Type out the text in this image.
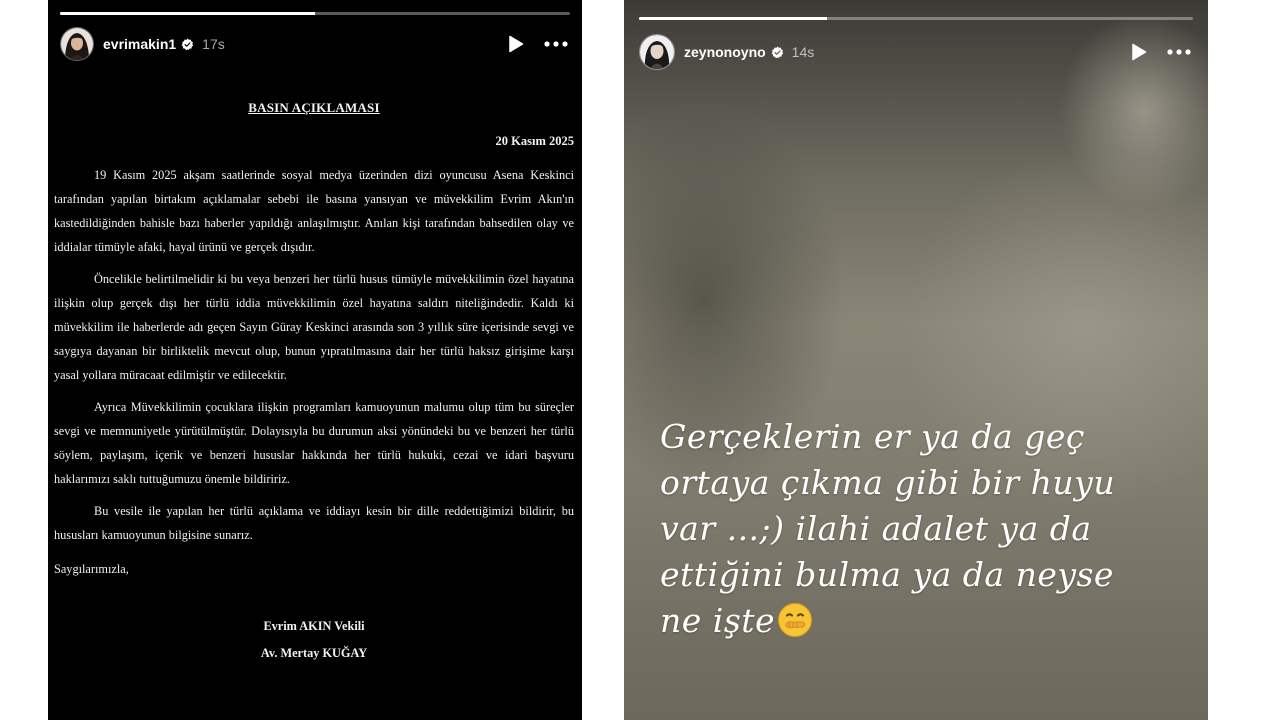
evrimakin1 17s
BASIN AÇIKLAMASI
20 Kasım 2025

19 Kasım 2025 akşam saatlerinde sosyal medya üzerinden dizi oyuncusu Asena Keskinci tarafından yapılan birtakım açıklamalar sebebi ile basına yansıyan ve müvekkilim Evrim Akın'ın kastedildiğinden bahisle bazı haberler yapıldığı anlaşılmıştır. Anılan kişi tarafından bahsedilen olay ve iddialar tümüyle afaki, hayal ürünü ve gerçek dışıdır.

Öncelikle belirtilmelidir ki bu veya benzeri her türlü husus tümüyle müvekkilimin özel hayatına ilişkin olup gerçek dışı her türlü iddia müvekkilimin özel hayatına saldırı niteliğindedir. Kaldı ki müvekkilim ile haberlerde adı geçen Sayın Güray Keskinci arasında son 3 yıllık süre içerisinde sevgi ve saygıya dayanan bir birliktelik mevcut olup, bunun yıpratılmasına dair her türlü haksız girişime karşı yasal yollara müracaat edilmiştir ve edilecektir.

Ayrıca Müvekkilimin çocuklara ilişkin programları kamuoyunun malumu olup tüm bu süreçler sevgi ve memnuniyetle yürütülmüştür. Dolayısıyla bu durumun aksi yönündeki bu ve benzeri her türlü söylem, paylaşım, içerik ve benzeri hususlar hakkında her türlü hukuki, cezai ve idari başvuru haklarımızı saklı tuttuğumuzu önemle bildiririz.

Bu vesile ile yapılan her türlü açıklama ve iddiayı kesin bir dille reddettiğimizi bildirir, bu hususları kamuoyunun bilgisine sunarız.

Saygılarımızla,
Evrim AKIN Vekili
Av. Mertay KUĞAY
zeynonoyno 14s
Gerçeklerin er ya da geç
ortaya çıkma gibi bir huyu
var ...;) ilahi adalet ya da
ettiğini bulma ya da neyse
ne işte
